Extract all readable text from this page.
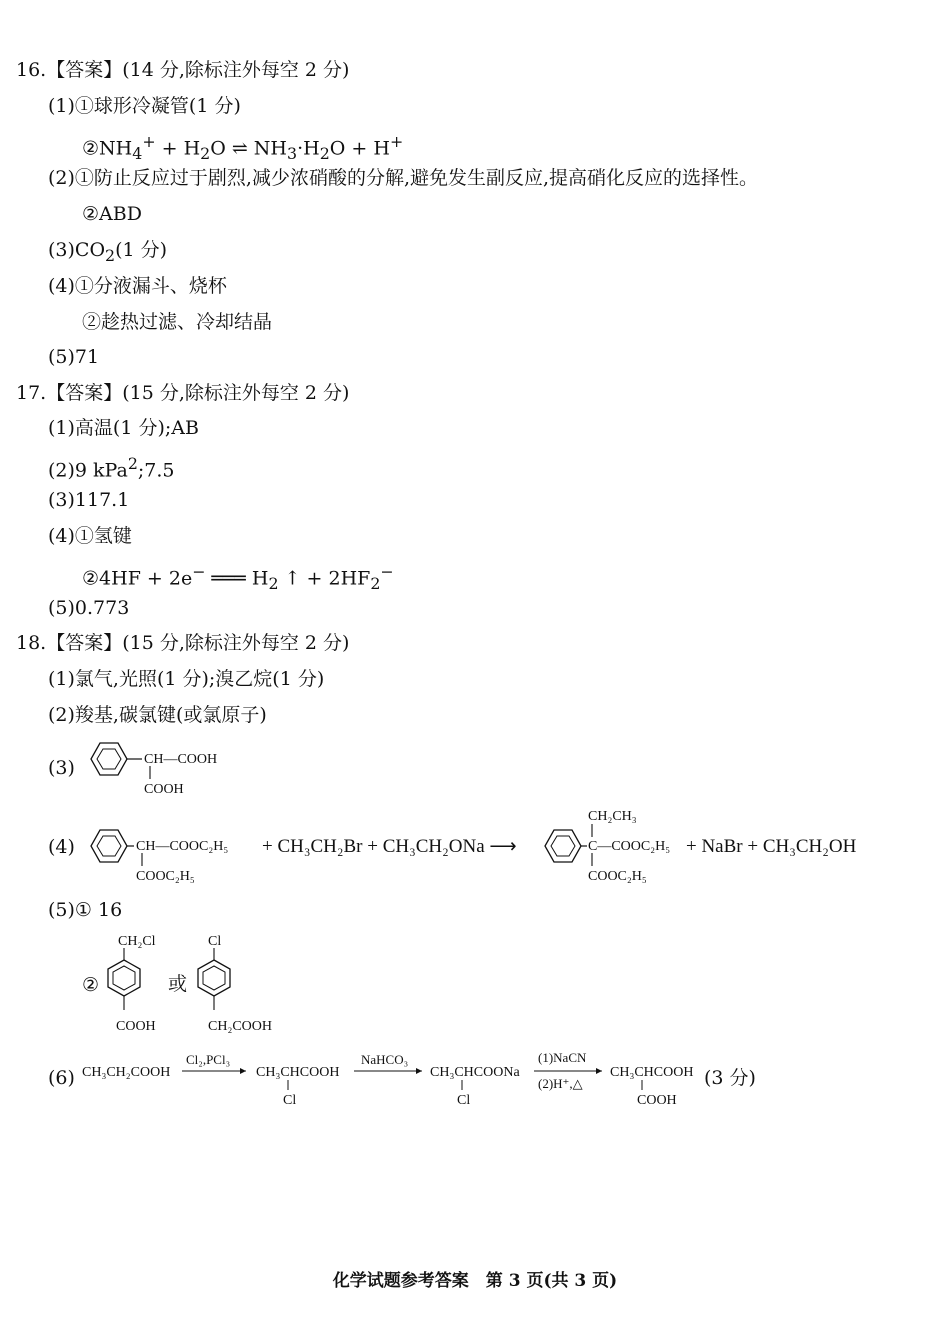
16.【答案】(14 分,除标注外每空 2 分)
(1)①球形冷凝管(1 分)
$②NH_4^+ + H_2O$ ⇌ $NH_3\cdot H_2O + H^+$
(2)①防止反应过于剧烈,减少浓硝酸的分解,避免发生副反应,提高硝化反应的选择性。
②ABD
$(3)CO_2(1$ 分)
(4)①分液漏斗、烧杯
②趁热过滤、冷却结晶
(5)71
17.【答案】(15 分,除标注外每空 2 分)
(1)高温(1 分);AB
(2)9 kPa$^2$;7.5
(3)117.1
(4)①氢键
②4HF + 2e− ═══ $H_2$ ↑ + $2HF_2^-$
(5)0.773
18.【答案】(15 分,除标注外每空 2 分)
(1)氯气,光照(1 分);溴乙烷(1 分)
(2)羧基,碳氯键(或氯原子)
(3)	CH—COOH
COOH
(4)	CH—COOC₂H₅
COOC₂H₅
+ CH₃CH₂Br + CH₃CH₂ONa ⟶
CH₂CH₃
C—COOC₂H₅
COOC₂H₅
+ NaBr + CH₃CH₂OH
(5)① 16
②
CH₂Cl
COOH
或
Cl
CH₂COOH
(6) CH₃CH₂COOH
Cl₂,PCl₃
CH₃CHCOOH
Cl
NaHCO₃
CH₃CHCOONa
Cl
(1)NaCN
(2)H⁺,△
CH₃CHCOOH
COOH
(3 分)
化学试题参考答案　第 3 页(共 3 页)
